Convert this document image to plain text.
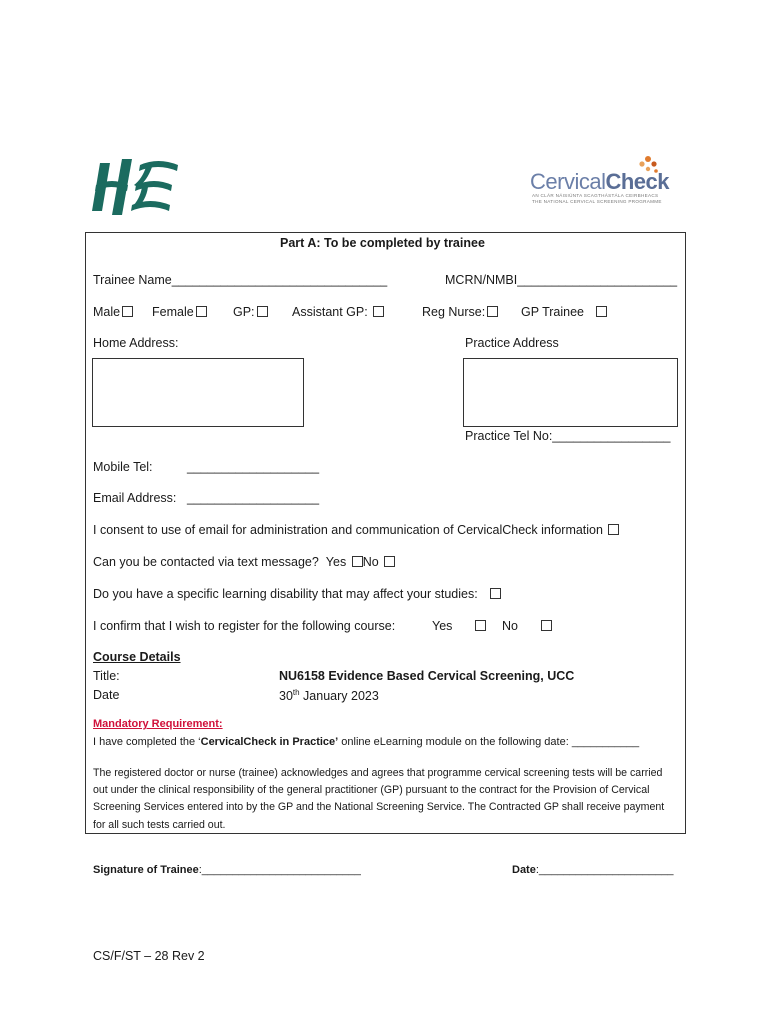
CervicalCheck
AN CLÁR NÁISIÚNTA SCAGTHÁSTÁLA CEIRBHEACS
THE NATIONAL CERVICAL SCREENING PROGRAMME
Part A: To be completed by trainee
Trainee Name_______________________________	MCRN/NMBI_______________________
Male	Female	GP:	Assistant GP:	Reg Nurse:	GP Trainee
Home Address:	Practice Address
Practice Tel No:_________________
Mobile Tel:	___________________
Email Address: ___________________
I consent to use of email for administration and communication of CervicalCheck information
Can you be contacted via text message? Yes No
Do you have a specific learning disability that may affect your studies:
I confirm that I wish to register for the following course:	Yes	No
Course Details
Title:	NU6158 Evidence Based Cervical Screening, UCC
Date	30th January 2023
Mandatory Requirement:
I have completed the ‘CervicalCheck in Practice’ online eLearning module on the following date: ___________
The registered doctor or nurse (trainee) acknowledges and agrees that programme cervical screening tests will be carried out under the clinical responsibility of the general practitioner (GP) pursuant to the contract for the Provision of Cervical Screening Services entered into by the GP and the National Screening Service. The Contracted GP shall receive payment for all such tests carried out.
Signature of Trainee:__________________________	Date:______________________
CS/F/ST – 28 Rev 2
